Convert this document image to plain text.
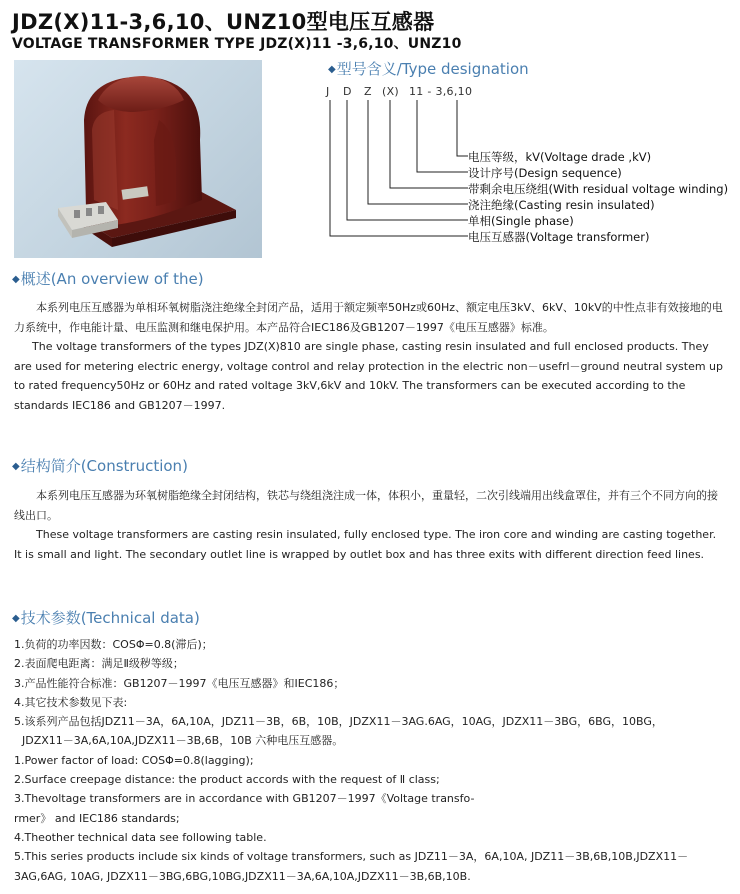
JDZ(X)11-3,6,10、UNZ10型电压互感器
VOLTAGE TRANSFORMER TYPE JDZ(X)11 -3,6,10、UNZ10
◆型号含义/Type designation
J D Z (X) 11 - 3,6,10
电压等级，kV(Voltage drade ,kV)
设计序号(Design sequence)
带剩余电压绕组(With residual voltage winding)
浇注绝缘(Casting resin insulated)
单相(Single phase)
电压互感器(Voltage transformer)
◆概述(An overview of the)

本系列电压互感器为单相环氧树脂浇注绝缘全封闭产品，适用于额定频率50Hz或60Hz、额定电压3kV、6kV、10kV的中性点非有效接地的电力系统中，作电能计量、电压监测和继电保护用。本产品符合IEC186及GB1207－1997《电压互感器》标准。

The voltage transformers of the types JDZ(X)810 are single phase, casting resin insulated and full enclosed products. They are used for metering electric energy, voltage control and relay protection in the electric non－usefrl－ground neutral system up to rated frequency50Hz or 60Hz and rated voltage 3kV,6kV and 10kV. The transformers can be executed according to the standards IEC186 and GB1207－1997.

◆结构简介(Construction)

本系列电压互感器为环氧树脂绝缘全封闭结构，铁芯与绕组浇注成一体，体积小，重量轻，二次引线端用出线盒罩住，并有三个不同方向的接线出口。

These voltage transformers are casting resin insulated, fully enclosed type. The iron core and winding are casting together. It is small and light. The secondary outlet line is wrapped by outlet box and has three exits with different direction feed lines.

◆技术参数(Technical data)
1.负荷的功率因数：COSΦ=0.8(滞后)；
2.表面爬电距离：满足Ⅱ级秽等级；
3.产品性能符合标准：GB1207－1997《电压互感器》和IEC186；
4.其它技术参数见下表:
5.该系列产品包括JDZ11－3A，6A,10A，JDZ11－3B，6B，10B，JDZX11－3AG.6AG，10AG，JDZX11－3BG，6BG，10BG，
JDZX11－3A,6A,10A,JDZX11－3B,6B，10B 六种电压互感器。
1.Power factor of load: COSΦ=0.8(lagging);
2.Surface creepage distance: the product accords with the request of Ⅱ class;
3.Thevoltage transformers are in accordance with GB1207－1997《Voltage transfo-
rmer》 and IEC186 standards;
4.Theother technical data see following table.
5.This series products include six kinds of voltage transformers, such as JDZ11－3A，6A,10A, JDZ11－3B,6B,10B,JDZX11－
3AG,6AG, 10AG, JDZX11－3BG,6BG,10BG,JDZX11－3A,6A,10A,JDZX11－3B,6B,10B.
